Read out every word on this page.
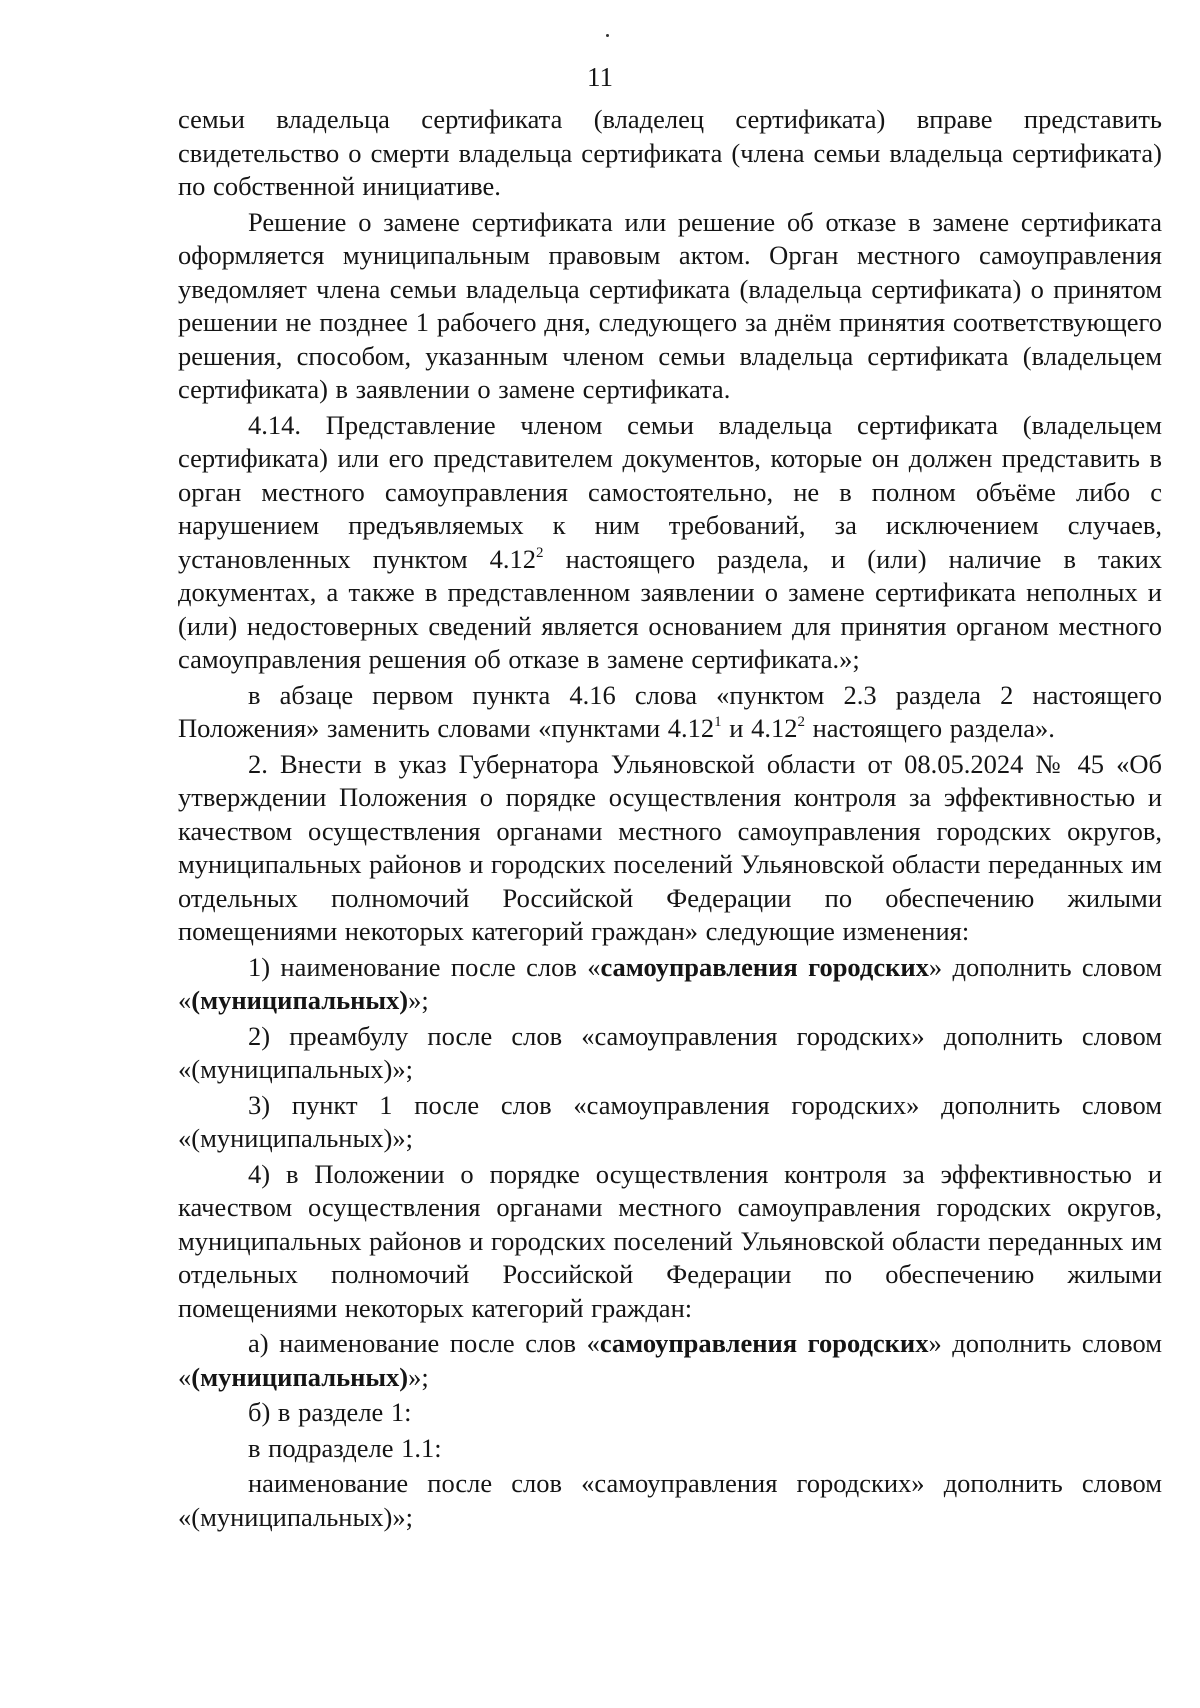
11

семьи владельца сертификата (владелец сертификата) вправе представить свидетельство о смерти владельца сертификата (члена семьи владельца сертификата) по собственной инициативе.

Решение о замене сертификата или решение об отказе в замене сертификата оформляется муниципальным правовым актом. Орган местного самоуправления уведомляет члена семьи владельца сертификата (владельца сертификата) о принятом решении не позднее 1 рабочего дня, следующего за днём принятия соответствующего решения, способом, указанным членом семьи владельца сертификата (владельцем сертификата) в заявлении о замене сертификата.

4.14. Представление членом семьи владельца сертификата (владельцем сертификата) или его представителем документов, которые он должен представить в орган местного самоуправления самостоятельно, не в полном объёме либо с нарушением предъявляемых к ним требований, за исключением случаев, установленных пунктом 4.12$^2$ настоящего раздела, и (или) наличие в таких документах, а также в представленном заявлении о замене сертификата неполных и (или) недостоверных сведений является основанием для принятия органом местного самоуправления решения об отказе в замене сертификата.»;

в абзаце первом пункта 4.16 слова «пунктом 2.3 раздела 2 настоящего Положения» заменить словами «пунктами 4.12$^1$ и 4.12$^2$ настоящего раздела».

2. Внести в указ Губернатора Ульяновской области от 08.05.2024 № 45 «Об утверждении Положения о порядке осуществления контроля за эффективностью и качеством осуществления органами местного самоуправления городских округов, муниципальных районов и городских поселений Ульяновской области переданных им отдельных полномочий Российской Федерации по обеспечению жилыми помещениями некоторых категорий граждан» следующие изменения:

1) наименование после слов «самоуправления городских» дополнить словом «(муниципальных)»;

2) преамбулу после слов «самоуправления городских» дополнить словом «(муниципальных)»;

3) пункт 1 после слов «самоуправления городских» дополнить словом «(муниципальных)»;

4) в Положении о порядке осуществления контроля за эффективностью и качеством осуществления органами местного самоуправления городских округов, муниципальных районов и городских поселений Ульяновской области переданных им отдельных полномочий Российской Федерации по обеспечению жилыми помещениями некоторых категорий граждан:

а) наименование после слов «самоуправления городских» дополнить словом «(муниципальных)»;

б) в разделе 1:

в подразделе 1.1:

наименование после слов «самоуправления городских» дополнить словом «(муниципальных)»;
